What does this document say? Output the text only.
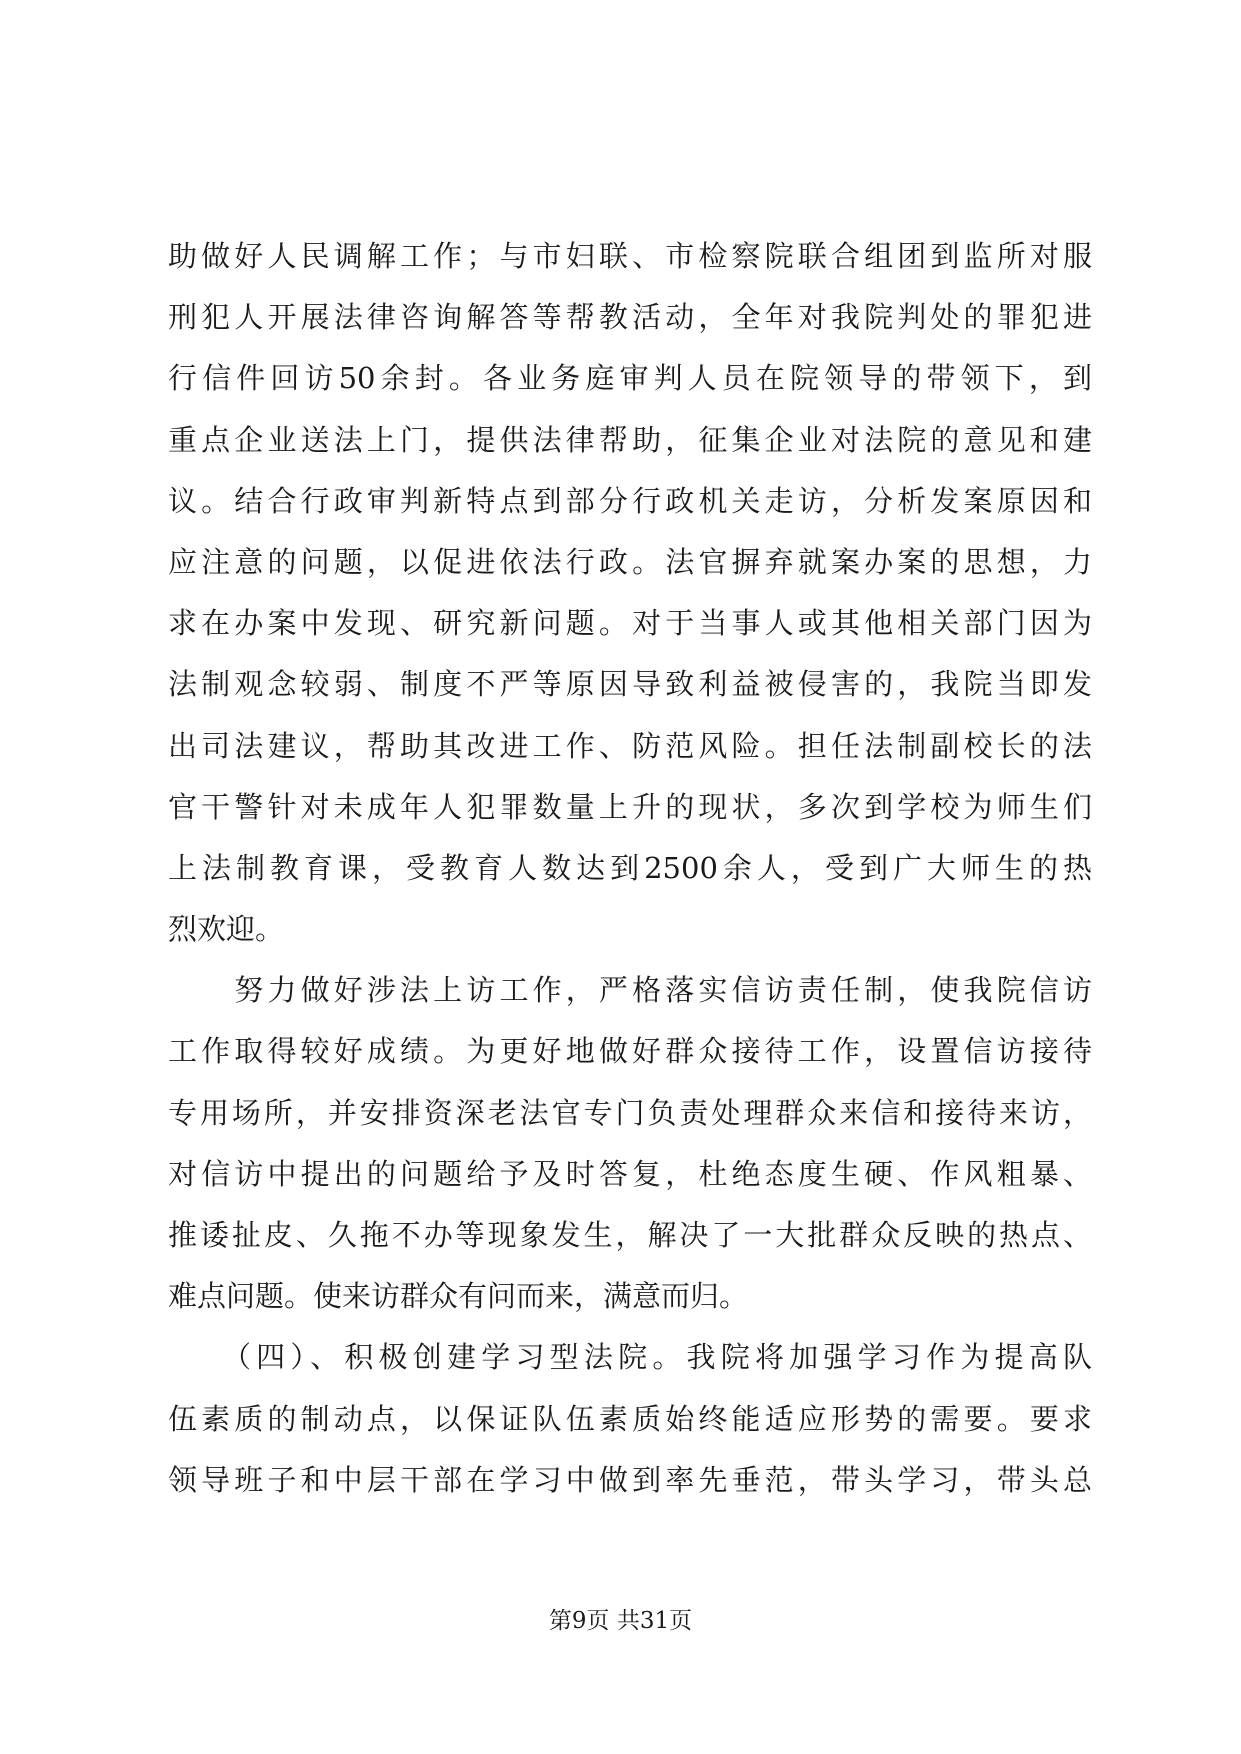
助做好人民调解工作；与市妇联、市检察院联合组团到监所对服
刑犯人开展法律咨询解答等帮教活动，全年对我院判处的罪犯进
行信件回访50余封。各业务庭审判人员在院领导的带领下，到
重点企业送法上门，提供法律帮助，征集企业对法院的意见和建
议。结合行政审判新特点到部分行政机关走访，分析发案原因和
应注意的问题，以促进依法行政。法官摒弃就案办案的思想，力
求在办案中发现、研究新问题。对于当事人或其他相关部门因为
法制观念较弱、制度不严等原因导致利益被侵害的，我院当即发
出司法建议，帮助其改进工作、防范风险。担任法制副校长的法
官干警针对未成年人犯罪数量上升的现状，多次到学校为师生们
上法制教育课，受教育人数达到2500余人，受到广大师生的热
烈欢迎。
　　努力做好涉法上访工作，严格落实信访责任制，使我院信访
工作取得较好成绩。为更好地做好群众接待工作，设置信访接待
专用场所，并安排资深老法官专门负责处理群众来信和接待来访，
对信访中提出的问题给予及时答复，杜绝态度生硬、作风粗暴、
推诿扯皮、久拖不办等现象发生，解决了一大批群众反映的热点、
难点问题。使来访群众有问而来，满意而归。
　　（四）、积极创建学习型法院。我院将加强学习作为提高队
伍素质的制动点，以保证队伍素质始终能适应形势的需要。要求
领导班子和中层干部在学习中做到率先垂范，带头学习，带头总
第9页 共31页
